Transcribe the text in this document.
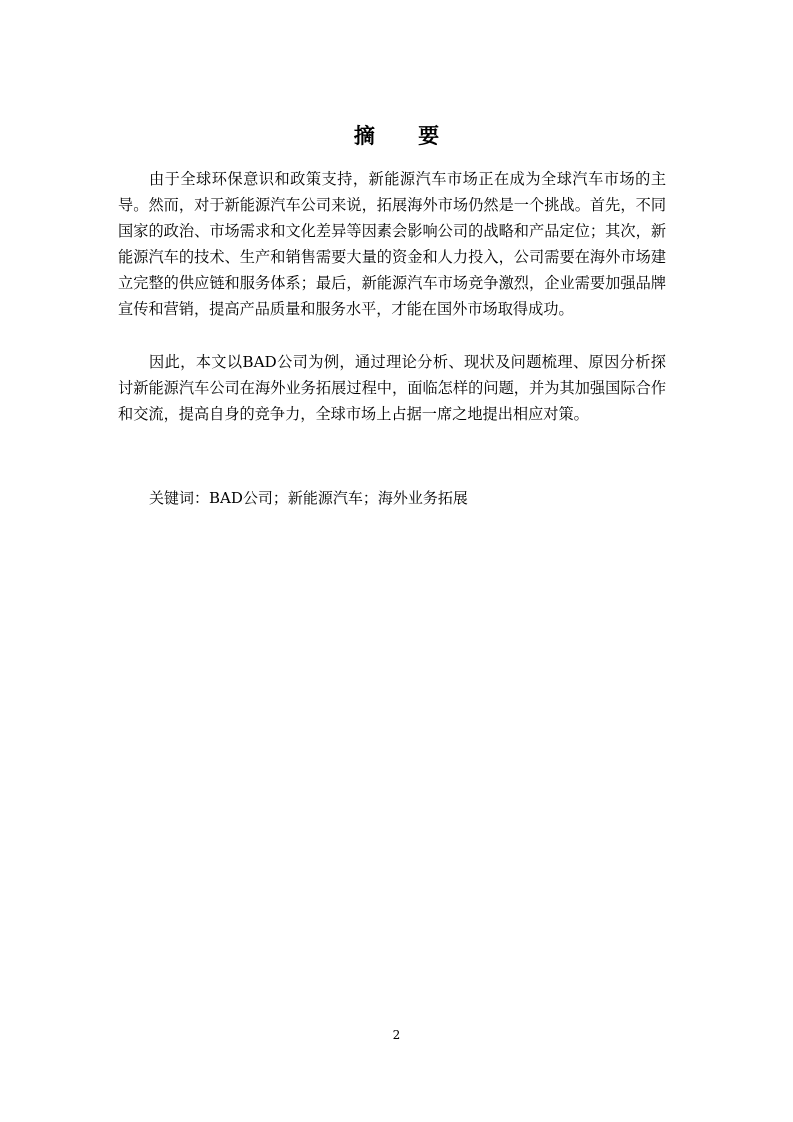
摘 要

由于全球环保意识和政策支持，新能源汽车市场正在成为全球汽车市场的主导。然而，对于新能源汽车公司来说，拓展海外市场仍然是一个挑战。首先，不同国家的政治、市场需求和文化差异等因素会影响公司的战略和产品定位；其次，新能源汽车的技术、生产和销售需要大量的资金和人力投入，公司需要在海外市场建立完整的供应链和服务体系；最后，新能源汽车市场竞争激烈，企业需要加强品牌宣传和营销，提高产品质量和服务水平，才能在国外市场取得成功。

因此，本文以BAD公司为例，通过理论分析、现状及问题梳理、原因分析探讨新能源汽车公司在海外业务拓展过程中，面临怎样的问题，并为其加强国际合作和交流，提高自身的竞争力，全球市场上占据一席之地提出相应对策。

关键词：BAD公司；新能源汽车；海外业务拓展
2
